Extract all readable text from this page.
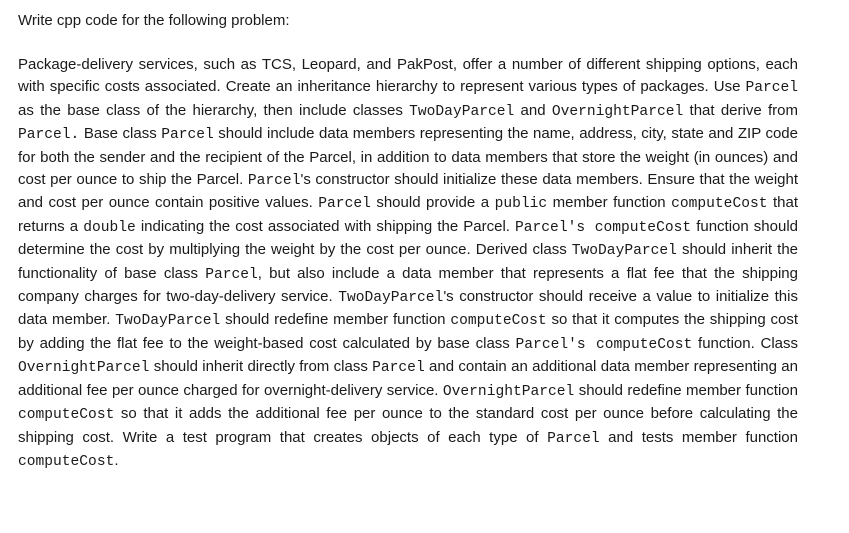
Write cpp code for the following problem:

Package-delivery services, such as TCS, Leopard, and PakPost, offer a number of different shipping options, each with specific costs associated. Create an inheritance hierarchy to represent various types of packages. Use Parcel as the base class of the hierarchy, then include classes TwoDayParcel and OvernightParcel that derive from Parcel. Base class Parcel should include data members representing the name, address, city, state and ZIP code for both the sender and the recipient of the Parcel, in addition to data members that store the weight (in ounces) and cost per ounce to ship the Parcel. Parcel's constructor should initialize these data members. Ensure that the weight and cost per ounce contain positive values. Parcel should provide a public member function computeCost that returns a double indicating the cost associated with shipping the Parcel. Parcel's computeCost function should determine the cost by multiplying the weight by the cost per ounce. Derived class TwoDayParcel should inherit the functionality of base class Parcel, but also include a data member that represents a flat fee that the shipping company charges for two-day-delivery service. TwoDayParcel's constructor should receive a value to initialize this data member. TwoDayParcel should redefine member function computeCost so that it computes the shipping cost by adding the flat fee to the weight-based cost calculated by base class Parcel's computeCost function. Class OvernightParcel should inherit directly from class Parcel and contain an additional data member representing an additional fee per ounce charged for overnight-delivery service. OvernightParcel should redefine member function computeCost so that it adds the additional fee per ounce to the standard cost per ounce before calculating the shipping cost. Write a test program that creates objects of each type of Parcel and tests member function computeCost.
